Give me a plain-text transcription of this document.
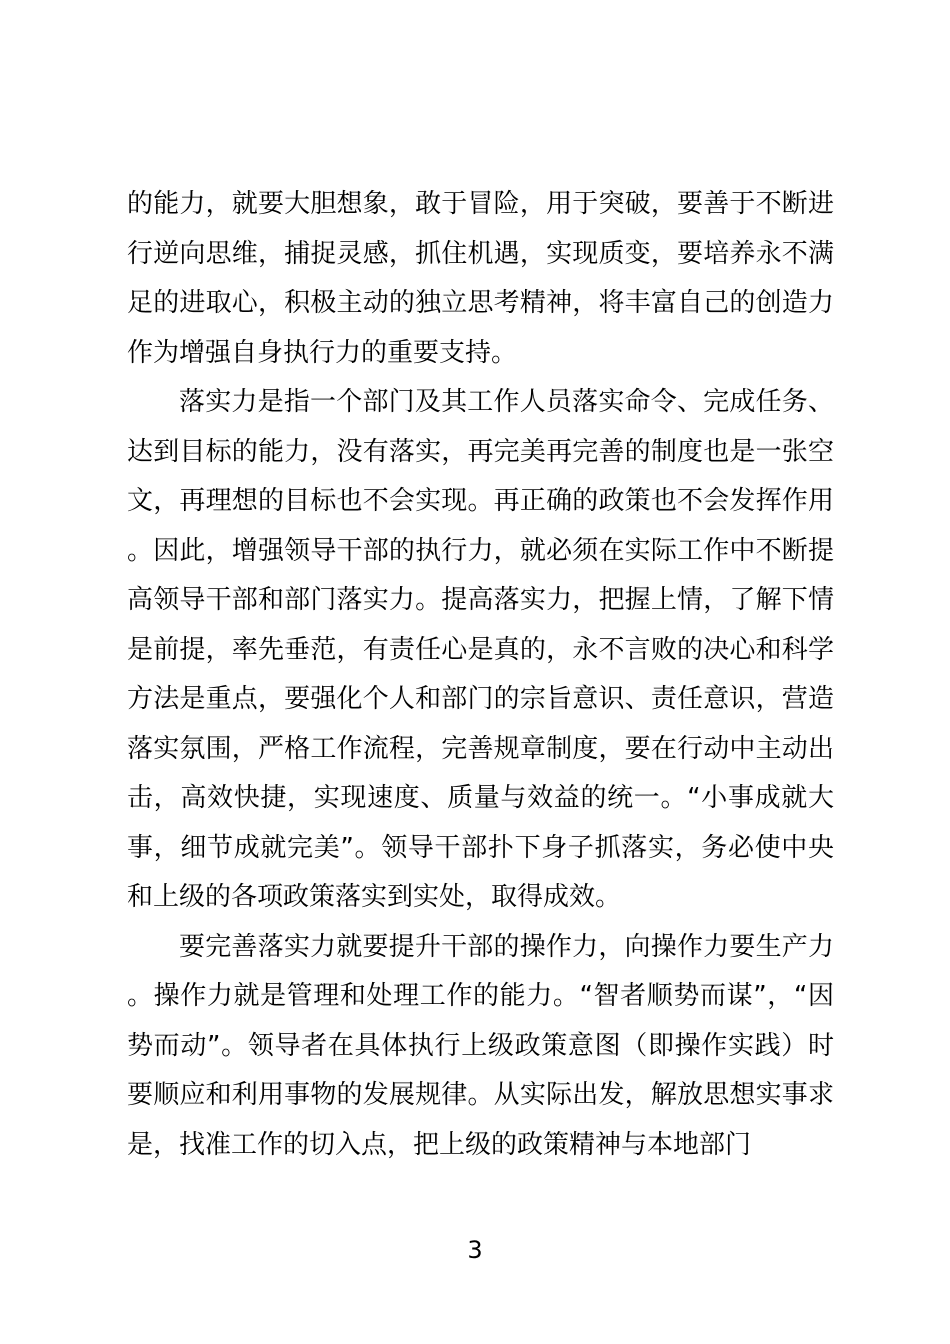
的能力，就要大胆想象，敢于冒险，用于突破，要善于不断进行逆向思维，捕捉灵感，抓住机遇，实现质变，要培养永不满足的进取心，积极主动的独立思考精神，将丰富自己的创造力作为增强自身执行力的重要支持。

落实力是指一个部门及其工作人员落实命令、完成任务、达到目标的能力，没有落实，再完美再完善的制度也是一张空文，再理想的目标也不会实现。再正确的政策也不会发挥作用。因此，增强领导干部的执行力，就必须在实际工作中不断提高领导干部和部门落实力。提高落实力，把握上情，了解下情是前提，率先垂范，有责任心是真的，永不言败的决心和科学方法是重点，要强化个人和部门的宗旨意识、责任意识，营造落实氛围，严格工作流程，完善规章制度，要在行动中主动出击，高效快捷，实现速度、质量与效益的统一。“小事成就大事，细节成就完美”。领导干部扑下身子抓落实，务必使中央和上级的各项政策落实到实处，取得成效。

要完善落实力就要提升干部的操作力，向操作力要生产力。操作力就是管理和处理工作的能力。“智者顺势而谋”，“因势而动”。领导者在具体执行上级政策意图（即操作实践）时要顺应和利用事物的发展规律。从实际出发，解放思想实事求是，找准工作的切入点，把上级的政策精神与本地部门

3
